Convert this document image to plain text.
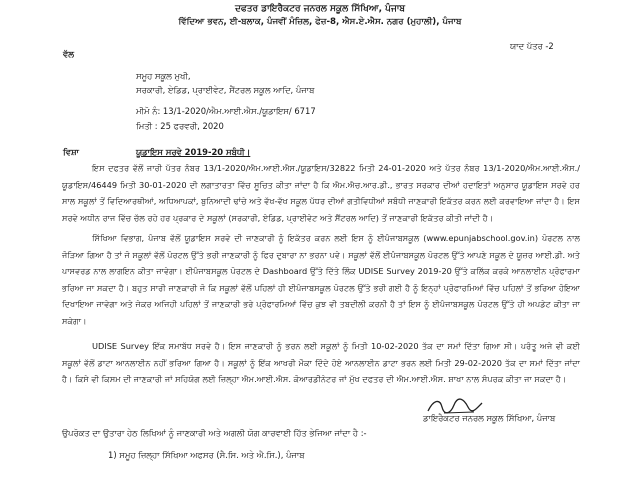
ਦਫਤਰ ਡਾਇਰੈਕਟਰ ਜਨਰਲ ਸਕੂਲ ਸਿੱਖਿਆ, ਪੰਜਾਬ
ਵਿੱਦਿਆ ਭਵਨ, ਈ-ਬਲਾਕ, ਪੰਜਵੀਂ ਮੰਜ਼ਿਲ, ਫੇਜ਼-8, ਐਸ.ਏ.ਐਸ. ਨਗਰ (ਮੁਹਾਲੀ), ਪੰਜਾਬ
ਯਾਦ ਪੱਤਰ -2
ਵੱਲ
ਸਮੂਹ ਸਕੂਲ ਮੁਖੀ,
ਸਰਕਾਰੀ, ਏਡਿਡ, ਪ੍ਰਾਈਵੇਟ, ਸੈਂਟਰਲ ਸਕੂਲ ਆਦਿ, ਪੰਜਾਬ
ਮੀਮੋ ਨੰ: 13/1-2020/ਐਮ.ਆਈ.ਐਸ./ਯੂਡਾਇਸ/ 6717
ਮਿਤੀ : 25 ਫਰਵਰੀ, 2020
ਵਿਸ਼ਾ	ਯੂਡਾਇਸ ਸਰਵੇ 2019-20 ਸਬੰਧੀ।
ਇਸ ਦਫਤਰ ਵੱਲੋਂ ਜਾਰੀ ਪੱਤਰ ਨੰਬਰ 13/1-2020/ਐਮ.ਆਈ.ਐਸ./ਯੂਡਾਇਸ/32822 ਮਿਤੀ 24-01-2020 ਅਤੇ ਪੱਤਰ ਨੰਬਰ 13/1-2020/ਐਮ.ਆਈ.ਐਸ./ਯੂਡਾਇਸ/46449 ਮਿਤੀ 30-01-2020 ਦੀ ਲਗਾਤਾਰਤਾ ਵਿੱਚ ਸੂਚਿਤ ਕੀਤਾ ਜਾਂਦਾ ਹੈ ਕਿ ਐਮ.ਐਚ.ਆਰ.ਡੀ., ਭਾਰਤ ਸਰਕਾਰ ਦੀਆਂ ਹਦਾਇਤਾਂ ਅਨੁਸਾਰ ਯੂਡਾਇਸ ਸਰਵੇ ਹਰ ਸਾਲ ਸਕੂਲਾਂ ਤੋਂ ਵਿਦਿਆਰਥੀਆਂ, ਅਧਿਆਪਕਾਂ, ਬੁਨਿਆਦੀ ਢਾਂਚੇ ਅਤੇ ਵੱਖ-ਵੱਖ ਸਕੂਲ ਪੱਧਰ ਦੀਆਂ ਗਤੀਵਿਧੀਆਂ ਸਬੰਧੀ ਜਾਣਕਾਰੀ ਇਕੱਤਰ ਕਰਨ ਲਈ ਕਰਵਾਇਆ ਜਾਂਦਾ ਹੈ। ਇਸ ਸਰਵੇ ਅਧੀਨ ਰਾਜ ਵਿੱਚ ਚੱਲ ਰਹੇ ਹਰ ਪ੍ਰਕਾਰ ਦੇ ਸਕੂਲਾਂ (ਸਰਕਾਰੀ, ਏਡਿਡ, ਪ੍ਰਾਈਵੇਟ ਅਤੇ ਸੈਂਟਰਲ ਆਦਿ) ਤੋਂ ਜਾਣਕਾਰੀ ਇਕੱਤਰ ਕੀਤੀ ਜਾਂਦੀ ਹੈ।
ਸਿੱਖਿਆ ਵਿਭਾਗ, ਪੰਜਾਬ ਵੱਲੋਂ ਯੂਡਾਇਸ ਸਰਵੇ ਦੀ ਜਾਣਕਾਰੀ ਨੂੰ ਇਕੱਤਰ ਕਰਨ ਲਈ ਇਸ ਨੂੰ ਈਪੰਜਾਬਸਕੂਲ (www.epunjabschool.gov.in) ਪੋਰਟਲ ਨਾਲ ਜੋੜਿਆ ਗਿਆ ਹੈ ਤਾਂ ਜੋ ਸਕੂਲਾਂ ਵੱਲੋਂ ਪੋਰਟਲ ਉੱਤੇ ਭਰੀ ਜਾਣਕਾਰੀ ਨੂੰ ਫਿਰ ਦੁਬਾਰਾ ਨਾ ਭਰਨਾ ਪਵੇ। ਸਕੂਲਾਂ ਵੱਲੋਂ ਈਪੰਜਾਬਸਕੂਲ ਪੋਰਟਲ ਉੱਤੇ ਆਪਣੇ ਸਕੂਲ ਦੇ ਯੂਜ਼ਰ ਆਈ.ਡੀ. ਅਤੇ ਪਾਸਵਰਡ ਨਾਲ ਲਾਗਇਨ ਕੀਤਾ ਜਾਵੇਗਾ। ਈਪੰਜਾਬਸਕੂਲ ਪੋਰਟਲ ਦੇ Dashboard ਉੱਤੇ ਦਿੱਤੇ ਲਿੰਕ UDISE Survey 2019-20 ਉੱਤੇ ਕਲਿੱਕ ਕਰਕੇ ਆਨਲਾਈਨ ਪ੍ਰੋਫਾਰਮਾ ਭਰਿਆ ਜਾ ਸਕਦਾ ਹੈ। ਬਹੁਤ ਸਾਰੀ ਜਾਣਕਾਰੀ ਜੋ ਕਿ ਸਕੂਲਾਂ ਵੱਲੋਂ ਪਹਿਲਾਂ ਹੀ ਈਪੰਜਾਬਸਕੂਲ ਪੋਰਟਲ ਉੱਤੇ ਭਰੀ ਗਈ ਹੈ ਨੂੰ ਇਨ੍ਹਾਂ ਪ੍ਰੋਫਾਰਮਿਆਂ ਵਿੱਚ ਪਹਿਲਾਂ ਤੋਂ ਭਰਿਆ ਹੋਇਆ ਦਿਖਾਇਆ ਜਾਵੇਗਾ ਅਤੇ ਜੇਕਰ ਅਜਿਹੀ ਪਹਿਲਾਂ ਤੋਂ ਜਾਣਕਾਰੀ ਭਰੇ ਪ੍ਰੋਫਾਰਮਿਆਂ ਵਿੱਚ ਕੁਝ ਵੀ ਤਬਦੀਲੀ ਕਰਨੀ ਹੈ ਤਾਂ ਇਸ ਨੂੰ ਈਪੰਜਾਬਸਕੂਲ ਪੋਰਟਲ ਉੱਤੇ ਹੀ ਅਪਡੇਟ ਕੀਤਾ ਜਾ ਸਕੇਗਾ।
UDISE Survey ਇੱਕ ਸਮਾਬੱਧ ਸਰਵੇ ਹੈ। ਇਸ ਜਾਣਕਾਰੀ ਨੂੰ ਭਰਨ ਲਈ ਸਕੂਲਾਂ ਨੂੰ ਮਿਤੀ 10-02-2020 ਤੱਕ ਦਾ ਸਮਾਂ ਦਿੱਤਾ ਗਿਆ ਸੀ। ਪਰੰਤੂ ਅਜੇ ਵੀ ਕਈ ਸਕੂਲਾਂ ਵੱਲੋਂ ਡਾਟਾ ਆਨਲਾਈਨ ਨਹੀਂ ਭਰਿਆ ਗਿਆ ਹੈ। ਸਕੂਲਾਂ ਨੂੰ ਇੱਕ ਆਖਰੀ ਮੌਕਾ ਦਿੰਦੇ ਹੋਏ ਆਨਲਾਈਨ ਡਾਟਾ ਭਰਨ ਲਈ ਮਿਤੀ 29-02-2020 ਤੱਕ ਦਾ ਸਮਾਂ ਦਿੱਤਾ ਜਾਂਦਾ ਹੈ। ਕਿਸੇ ਵੀ ਕਿਸਮ ਦੀ ਜਾਣਕਾਰੀ ਜਾਂ ਸਹਿਯੋਗ ਲਈ ਜ਼ਿਲ੍ਹਾ ਐਮ.ਆਈ.ਐਸ. ਕੋਆਰਡੀਨੇਟਰ ਜਾਂ ਮੁੱਖ ਦਫਤਰ ਦੀ ਐਮ.ਆਈ.ਐਸ. ਸ਼ਾਖਾ ਨਾਲ ਸੰਪਰਕ ਕੀਤਾ ਜਾ ਸਕਦਾ ਹੈ।
ਡਾਇਰੈਕਟਰ ਜਨਰਲ ਸਕੂਲ ਸਿੱਖਿਆ, ਪੰਜਾਬ
ਉਪਰੋਕਤ ਦਾ ਉਤਾਰਾ ਹੇਠ ਲਿਖਿਆਂ ਨੂੰ ਜਾਣਕਾਰੀ ਅਤੇ ਅਗਲੀ ਯੋਗ ਕਾਰਵਾਈ ਹਿੱਤ ਭੇਜਿਆ ਜਾਂਦਾ ਹੈ :-
1) ਸਮੂਹ ਜ਼ਿਲ੍ਹਾ ਸਿੱਖਿਆ ਅਫਸਰ (ਸੈ.ਸਿ. ਅਤੇ ਐ.ਸਿ.), ਪੰਜਾਬ
